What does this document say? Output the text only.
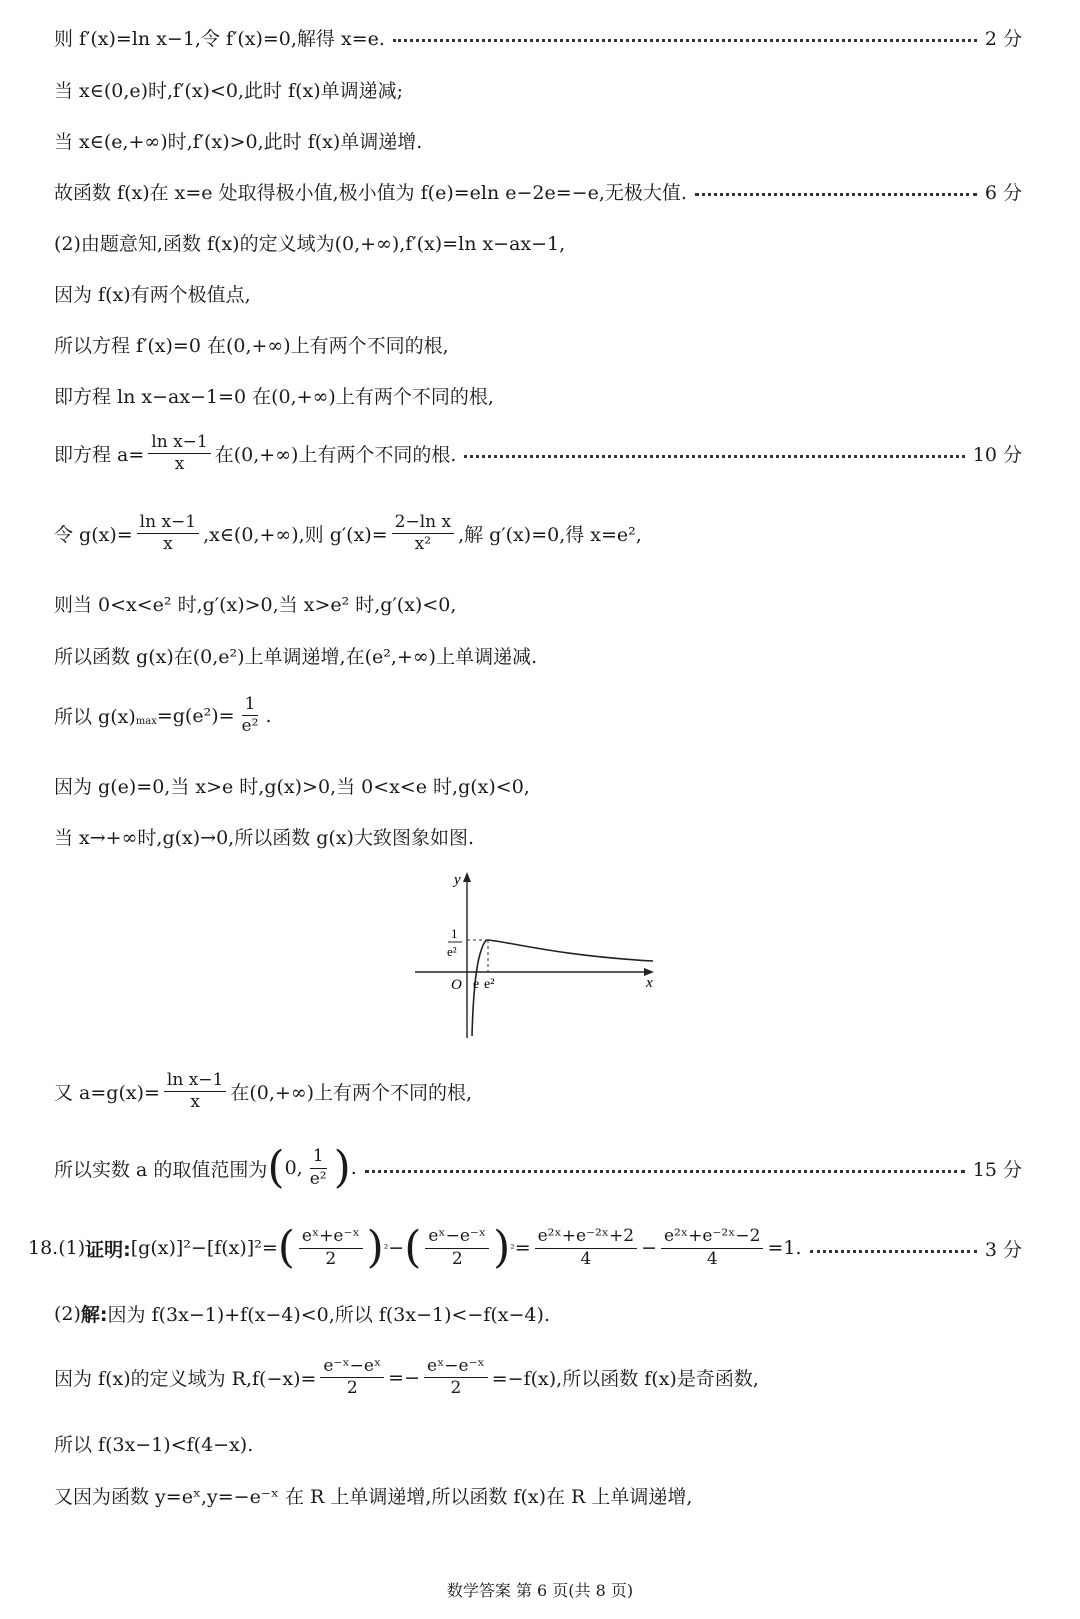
则 f′(x)=ln x−1,令 f′(x)=0,解得 x=e.	2 分
当 x∈(0,e)时,f′(x)<0,此时 f(x)单调递减;
当 x∈(e,+∞)时,f′(x)>0,此时 f(x)单调递增.
故函数 f(x)在 x=e 处取得极小值,极小值为 f(e)=eln e−2e=−e,无极大值.	6 分
(2)由题意知,函数 f(x)的定义域为(0,+∞),f′(x)=ln x−ax−1,
因为 f(x)有两个极值点,
所以方程 f′(x)=0 在(0,+∞)上有两个不同的根,
即方程 ln x−ax−1=0 在(0,+∞)上有两个不同的根,
即方程 $a= \frac{\text{ln x−1}}{x}$ 在(0,+∞)上有两个不同的根.	10 分
令 $g(x)= \frac{\text{ln x−1}}{x}$ ,x∈(0,+∞),则 $g'(x)= \frac{\text{2−ln x}}{\text{x²}}$ ,解 g′(x)=0,得 x=e²,
则当 0<x<e² 时,g′(x)>0,当 x>e² 时,g′(x)<0,
所以函数 g(x)在(0,e²)上单调递增,在(e²,+∞)上单调递减.
所以 $g(x)_{max} =g(e^2)= \frac{1}{\text{e²}}$ .
因为 g(e)=0,当 x>e 时,g(x)>0,当 0<x<e 时,g(x)<0,
当 x→+∞时,g(x)→0,所以函数 g(x)大致图象如图.
y
x
O
1
e²
e e²
又 $a=g(x)= \frac{\text{ln x−1}}{x}$ 在(0,+∞)上有两个不同的根,
所以实数 a 的取值范围为 ( 0, $\frac{1}{\text{e²}}$ ) .	15 分
18. (1) 证明: [g(x)]²−[f(x)]²= ( $\frac{\text{eˣ+e⁻ˣ}}{2}$ ) ² − ( $\frac{\text{eˣ−e⁻ˣ}}{2}$ ) $^2 = \frac{\text{e²ˣ+e⁻²ˣ+2}}{4} - \frac{\text{e²ˣ+e⁻²ˣ−2}}{4} =1$.	3 分
(2) 解: 因为 f(3x−1)+f(x−4)<0,所以 f(3x−1)<−f(x−4).
因为 f(x)的定义域为 $R,f(-x)= \frac{\text{e⁻ˣ−eˣ}}{2} =- \frac{\text{eˣ−e⁻ˣ}}{2} =-f(x)$,所以函数 f(x)是奇函数,
所以 f(3x−1)<f(4−x).
又因为函数 y=eˣ,y=−e⁻ˣ 在 R 上单调递增,所以函数 f(x)在 R 上单调递增,
数学答案 第 6 页(共 8 页)
